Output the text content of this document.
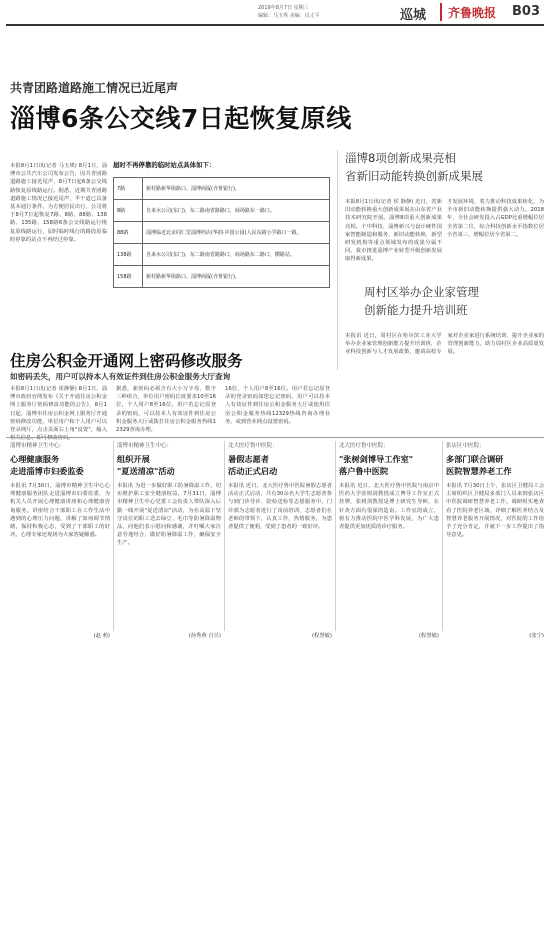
2019年8月7日 星期三
编辑：马玉秀 美编：贝丈平	巡城 齐鲁晚报 B03
共青团路道路施工情况已近尾声
淄博6条公交线7日起恢复原线
本报8月1日讯(记者 马玉瑛) 8月1日，淄博市公共汽车公司发布公告，因共青团路道路施工接近尾声，8月7日起6条公交线路恢复原线路运行。据悉，近期共青团路道路施工情况已接近尾声，半干道已具备基本通行条件。为方便居民出行，公司将于8月7日起恢复7路、8路、88路、138路、135路、158路6条公交线路运行恢复原线路运行，届时临时线行的路段原临时停靠的站点不再经过停靠。
届时不再停靠的临时站点具体如下：
7路	新村路新华街路口，淄博商厦(齐鲁银行)。
8路	自来水公司(东门)，东二路南省路路口，商场路东一路口。
88路	淄博临近北京同仁堂淄博药店(华润·中国公园)人民东路小学路口一路。
138路	自来水公司(东门)，东二路南省路路口，商场路东二路口，横路站。
158路	新村路新华街路口，淄博商厦(齐鲁银行)。
淄博8项创新成果亮相
省新旧动能转换创新成果展
本报8月1日讯(记者 侯 静静) 近日，省新旧动能转换重大创新成果展在山东省产业技术研究院开展。淄博8项重大创新成果亮相。个中科技、淄博新兴与设计硬件国家智能制造和服务，新旧动能转换，新型研发机构等重点领域发布的成果分属不同，我市推进淄博产业转型升级创新发展取得新成果。
才发展环境，着力推动科技成果转化，为全市新旧动能转换提供强大动力。2018年，全社会研发投入占GDP比重增幅位居全省第二位，综合科技创新水平指数位居全省第三，增幅位居全省第二。
周村区举办企业家管理
创新能力提升培训班
本报讯 近日，周村区在哈尔滨工业大学举办企业家管理创新能力提升培训班，企业科技创新与人才发展政策，邀请高校专家对企业家进行系统培训，提升企业家的管理创新能力，助力周村区企业高质量发展。
住房公积金开通网上密码修改服务
如密码丢失，用户可以持本人有效证件到住房公积金服务大厅查询
本报8月1日讯(记者 崔静静) 8月1日，淄博市政府官网发布《关于开通住房公积金网上服务厅密码修改功能的公告》，8月1日起，淄博市住房公积金网上服务厅开通密码修改功能，单位用户和个人用户可以登录网厅，点击页面右上角"设置"，输入相关信息，即可修改密码。
据悉，新密码必须含有大小写字母、数字三种组合，单位用户密码长度要求10至16位，个人用户8至16位。用户若忘记原登录的密码，可以持本人有效证件到住房公积金服务大厅或拨打住房公积金服务热线12329查询办理。
16位，个人用户8至16位。用户若忘记原登录的登录密码如您忘记密码，用户可以持本人有效证件到住房公积金服务大厅或使用住房公积金服务热线12329热线咨询办理业务，或到营业网点设置密码。
淄博市精神卫生中心：
心理健康服务
走进淄博市妇委监委
本报讯 7月30日，淄博市精神卫生中心心理健康服务团队走进淄博市妇委监委，为机关人员开展心理健康讲座和心理健康咨询服务。讲座结合干部职工在工作生活中遇到的心理压力问题，讲解了如何调节情绪，保持积极心态，受到了干部职工的好评。心理专家还现场为大家答疑解惑。
(赵 莉)
淄博市精神卫生中心：
组织开展
"夏送清凉"活动
本报讯 为进一步做好职工防暑降温工作，切实维护职工安全健康权益，7月31日，淄博市精神卫生中心党委工会负责人带队深入后勤一线开展"夏送清凉"活动，为在高温下坚守岗位的职工送去绿豆、毛巾等防暑降温物品，向他们表示慰问和感谢，并叮嘱大家注意劳逸结合，做好防暑降温工作，确保安全生产。
(孙秀燕 自昱)
北大医疗鲁中医院：
暑假志愿者
活动正式启动
本报讯 近日，北大医疗鲁中医院暑假志愿者活动正式启动，共有30余名大学生志愿者参与到门诊导诊、陪检送检等志愿服务中。门诊部为志愿者进行了岗前培训，志愿者们在老师的带领下，认真工作，热情服务，为患者提供了便利，受到了患者的一致好评。
(程慧敏)
北大医疗鲁中医院：
"张树剑博导工作室"
落户鲁中医院
本报讯 近日，北大医疗鲁中医院与南京中医药大学张树剑教授成立博导工作室正式挂牌，张树剑教授是博士研究生导师，在针灸方面有很深的造诣。工作室的成立，将有力推动医院中医学科发展，为广大患者提供更加优质的诊疗服务。
(程慧敏)
张店区中医院：
多部门联合调研
医院智慧养老工作
本报讯 7月30日上午，张店区卫健局工会主席组织区卫健局多部门人员来到张店区中医院调研智慧养老工作。调研组实地查看了医院养老区域，详细了解医养结合及智慧养老服务开展情况，对医院的工作给予了充分肯定，并就下一步工作提出了指导意见。
(张宁)
